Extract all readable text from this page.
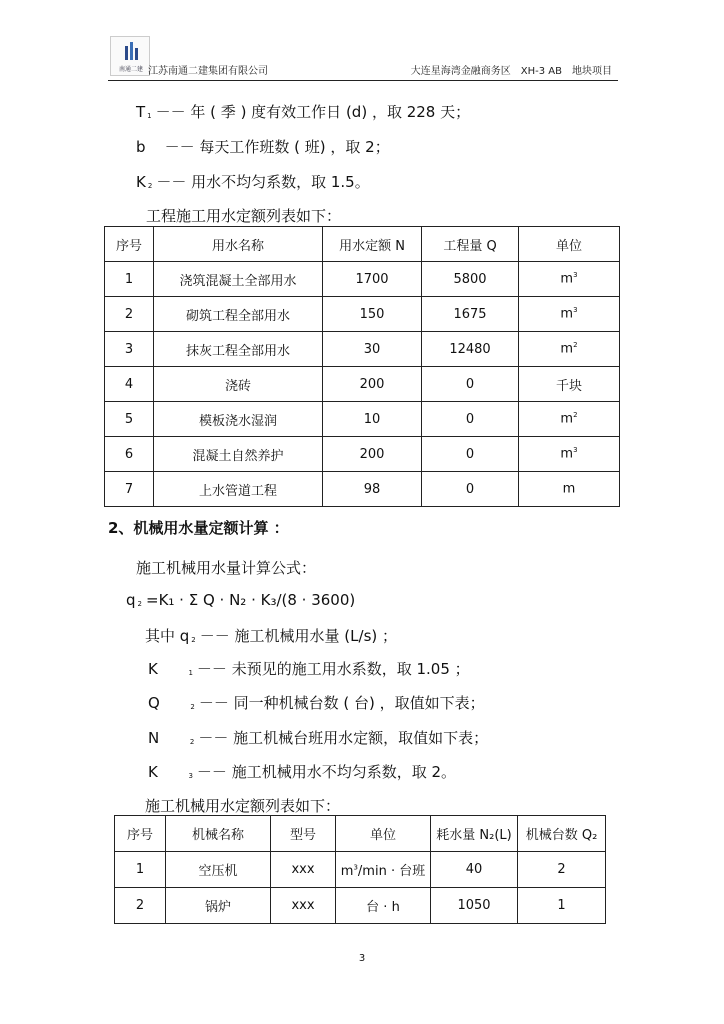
南通二建 江苏南通二建集团有限公司	大连星海湾金融商务区　XH-3 AB　地块项目
T 1 －－ 年 ( 季 ) 度有效工作日 (d) ，取 228 天；
b －－ 每天工作班数 ( 班) ，取 2；
K 2 －－ 用水不均匀系数，取 1.5。
工程施工用水定额列表如下：
序号	用水名称	用水定额 N	工程量 Q	单位
1	浇筑混凝土全部用水	1700	5800	$m^3$
2	砌筑工程全部用水	150	1675	$m^3$
3	抹灰工程全部用水	30	12480	$m^2$
4	浇砖	200	0	千块
5	模板浇水湿润	10	0	$m^2$
6	混凝土自然养护	200	0	$m^3$
7	上水管道工程	98	0	m
2、机械用水量定额计算 ：
施工机械用水量计算公式：
q 2 =K₁ · Σ Q · N₂ · K₃/(8 · 3600)
其中 q 2 －－ 施工机械用水量 (L/s) ；
K	1 －－ 未预见的施工用水系数，取 1.05 ；
Q	2 －－ 同一种机械台数 ( 台) ，取值如下表；
N	2 －－ 施工机械台班用水定额，取值如下表；
K	3 －－ 施工机械用水不均匀系数，取 2。
施工机械用水定额列表如下：
序号	机械名称	型号	单位	耗水量 N₂(L)	机械台数 Q₂
1	空压机	xxx	$m^3/\min$ · 台班	40	2
2	锅炉	xxx	台 · h	1050	1
3
